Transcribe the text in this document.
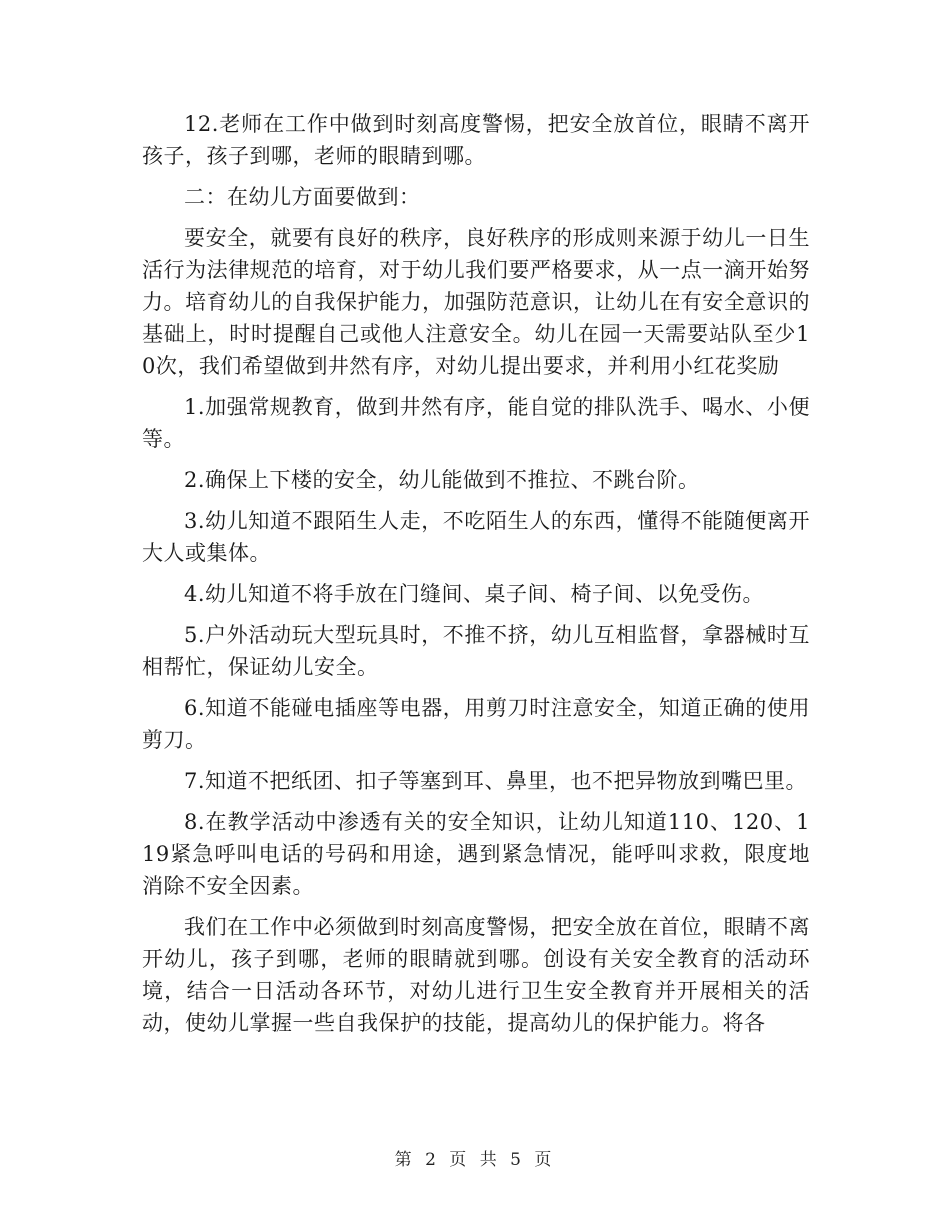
12.老师在工作中做到时刻高度警惕，把安全放首位，眼睛不离开孩子，孩子到哪，老师的眼睛到哪。

二：在幼儿方面要做到：

要安全，就要有良好的秩序，良好秩序的形成则来源于幼儿一日生活行为法律规范的培育，对于幼儿我们要严格要求，从一点一滴开始努力。培育幼儿的自我保护能力，加强防范意识，让幼儿在有安全意识的基础上，时时提醒自己或他人注意安全。幼儿在园一天需要站队至少10次，我们希望做到井然有序，对幼儿提出要求，并利用小红花奖励

1.加强常规教育，做到井然有序，能自觉的排队洗手、喝水、小便等。

2.确保上下楼的安全，幼儿能做到不推拉、不跳台阶。

3.幼儿知道不跟陌生人走，不吃陌生人的东西，懂得不能随便离开大人或集体。

4.幼儿知道不将手放在门缝间、桌子间、椅子间、以免受伤。

5.户外活动玩大型玩具时，不推不挤，幼儿互相监督，拿器械时互相帮忙，保证幼儿安全。

6.知道不能碰电插座等电器，用剪刀时注意安全，知道正确的使用剪刀。

7.知道不把纸团、扣子等塞到耳、鼻里，也不把异物放到嘴巴里。

8.在教学活动中渗透有关的安全知识，让幼儿知道110、120、119紧急呼叫电话的号码和用途，遇到紧急情况，能呼叫求救，限度地消除不安全因素。

我们在工作中必须做到时刻高度警惕，把安全放在首位，眼睛不离开幼儿，孩子到哪，老师的眼睛就到哪。创设有关安全教育的活动环境，结合一日活动各环节，对幼儿进行卫生安全教育并开展相关的活动，使幼儿掌握一些自我保护的技能，提高幼儿的保护能力。将各

第 2 页 共 5 页
